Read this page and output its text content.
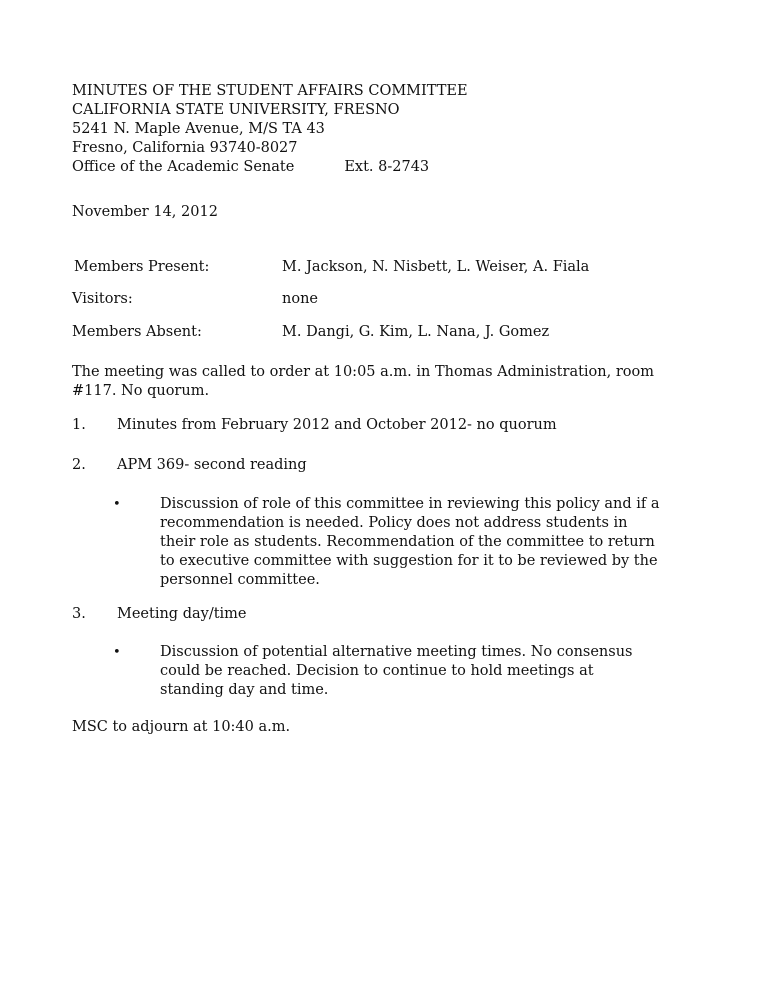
MINUTES OF THE STUDENT AFFAIRS COMMITTEE
CALIFORNIA STATE UNIVERSITY, FRESNO
5241 N. Maple Avenue, M/S TA 43
Fresno, California 93740-8027
Office of the Academic Senate	Ext. 8-2743
November 14, 2012
Members Present:	M. Jackson, N. Nisbett, L. Weiser, A. Fiala
Visitors:	none
Members Absent:	M. Dangi, G. Kim, L. Nana, J. Gomez
The meeting was called to order at 10:05 a.m. in Thomas Administration, room #117. No quorum.
1. Minutes from February 2012 and October 2012- no quorum
2. APM 369- second reading
•	Discussion of role of this committee in reviewing this policy and if a recommendation is needed. Policy does not address students in their role as students. Recommendation of the committee to return to executive committee with suggestion for it to be reviewed by the personnel committee.
3. Meeting day/time
•	Discussion of potential alternative meeting times. No consensus could be reached. Decision to continue to hold meetings at standing day and time.
MSC to adjourn at 10:40 a.m.
